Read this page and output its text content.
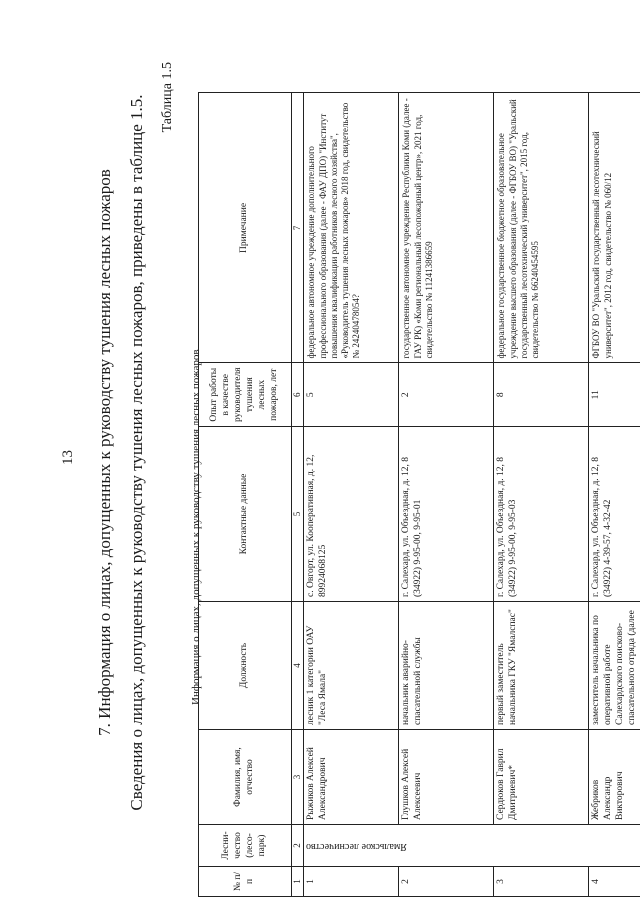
13 7. Информация о лицах, допущенных к руководству тушения лесных пожаров Сведения о лицах, допущенных к руководству тушения лесных пожаров, приведены в таблице 1.5. Таблица 1.5
Информация о лицах, допущенных к руководству тушения лесных пожаров
№ п/п	Лесни-чество (лесо-парк)	Фамилия, имя, отчество	Должность	Контактные данные	Опыт работы в качестве руководителя тушения лесных пожаров, лет	Примечание
1	2	3	4	5	6	7
1	Ямальское лесничество	Рыжиков Алексей Александрович	лесник 1 категории ОАУ "Леса Ямала"	с. Овгорт, ул. Кооперативная, д. 12, 89924068125	5	федеральное автономное учреждение дополнительного профессионального образования (далее - ФАУ ДПО) "Институт повышения квалификации работников лесного хозяйства", «Руководитель тушения лесных пожаров» 2018 год, свидетельство № 24240478054?
2		Глушков Алексей Алексеевич	начальник аварийно-спасательной службы	г. Салехард, ул. Объездная, д. 12, 8 (34922) 9-95-00, 9-95-01	2	государственное автономное учреждение Республики Коми (далее - ГАУ РК) «Коми региональный лесопожарный центр», 2021 год, свидетельство № 11241386659
3		Сердюков Гаврил Дмитриевич*	первый заместитель начальника ГКУ "Ямалспас"	г. Салехард, ул. Объездная, д. 12, 8 (34922) 9-95-00, 9-95-03	8	федеральное государственное бюджетное образовательное учреждение высшего образования (далее - ФГБОУ ВО) "Уральский государственный лесотехнический университет", 2015 год, свидетельство № 66240454595
4		Жебриков Александр Викторович	заместитель начальника по оперативной работе Салехардского поисково-спасательного отряда (далее	г. Салехард, ул. Объездная, д. 12, 8 (34922) 4-39-57, 4-32-42	11	ФГБОУ ВО "Уральский государственный лесотехнический университет", 2012 год, свидетельство № 060/12
